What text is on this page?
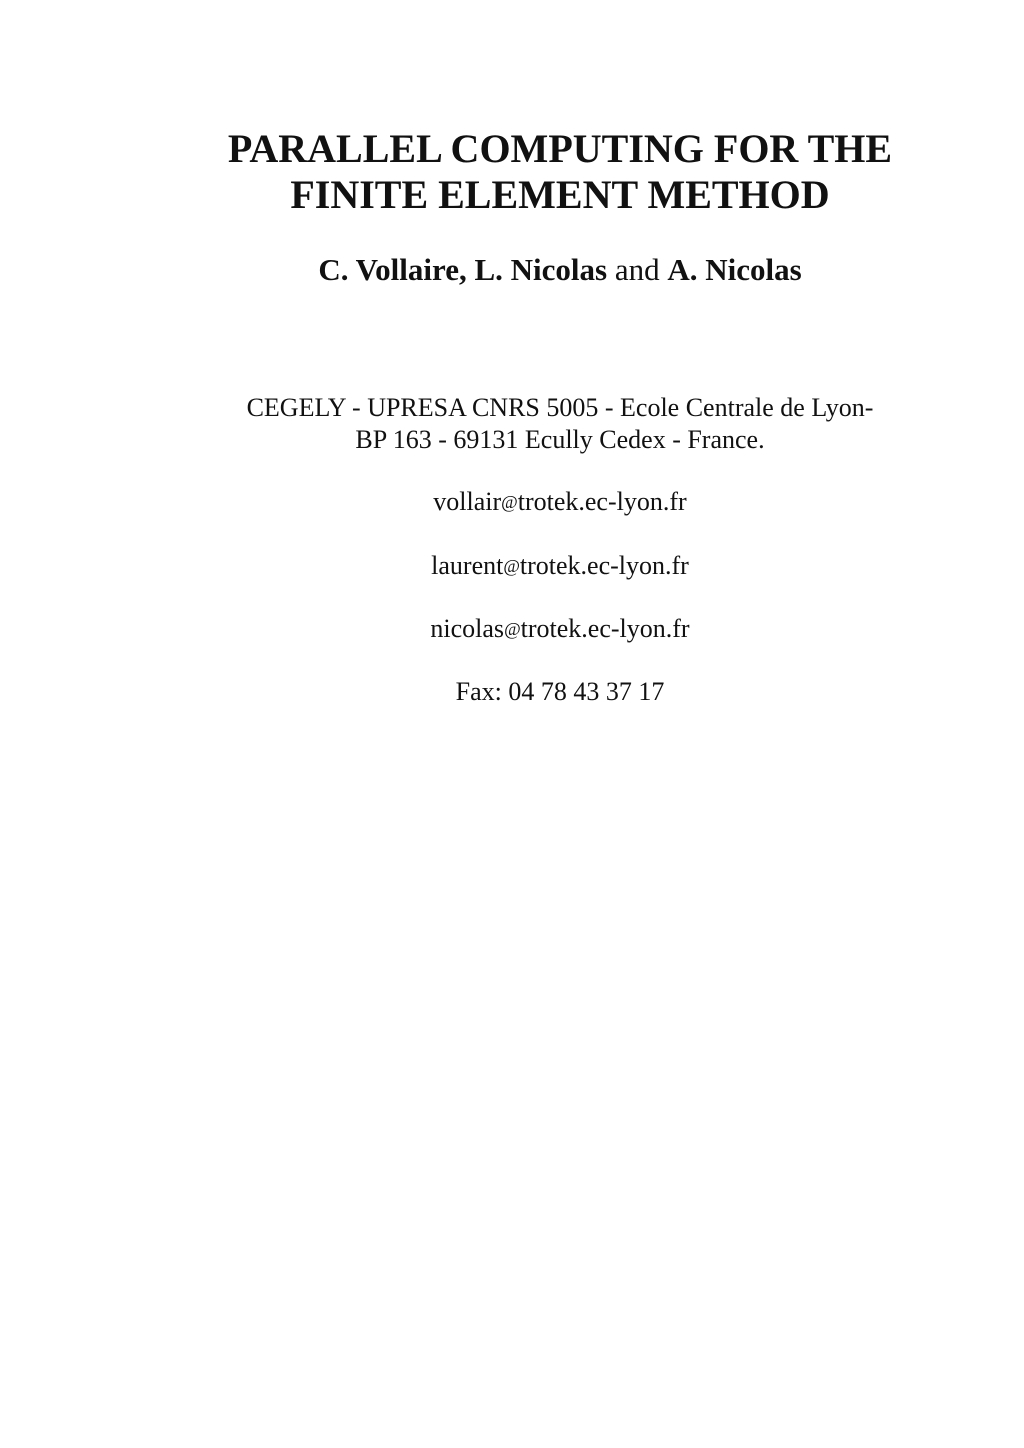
PARALLEL COMPUTING FOR THE
FINITE ELEMENT METHOD
C. Vollaire, L. Nicolas and A. Nicolas
CEGELY - UPRESA CNRS 5005 - Ecole Centrale de Lyon-
BP 163 - 69131 Ecully Cedex - France.
vollair@trotek.ec-lyon.fr
laurent@trotek.ec-lyon.fr
nicolas@trotek.ec-lyon.fr
Fax: 04 78 43 37 17
